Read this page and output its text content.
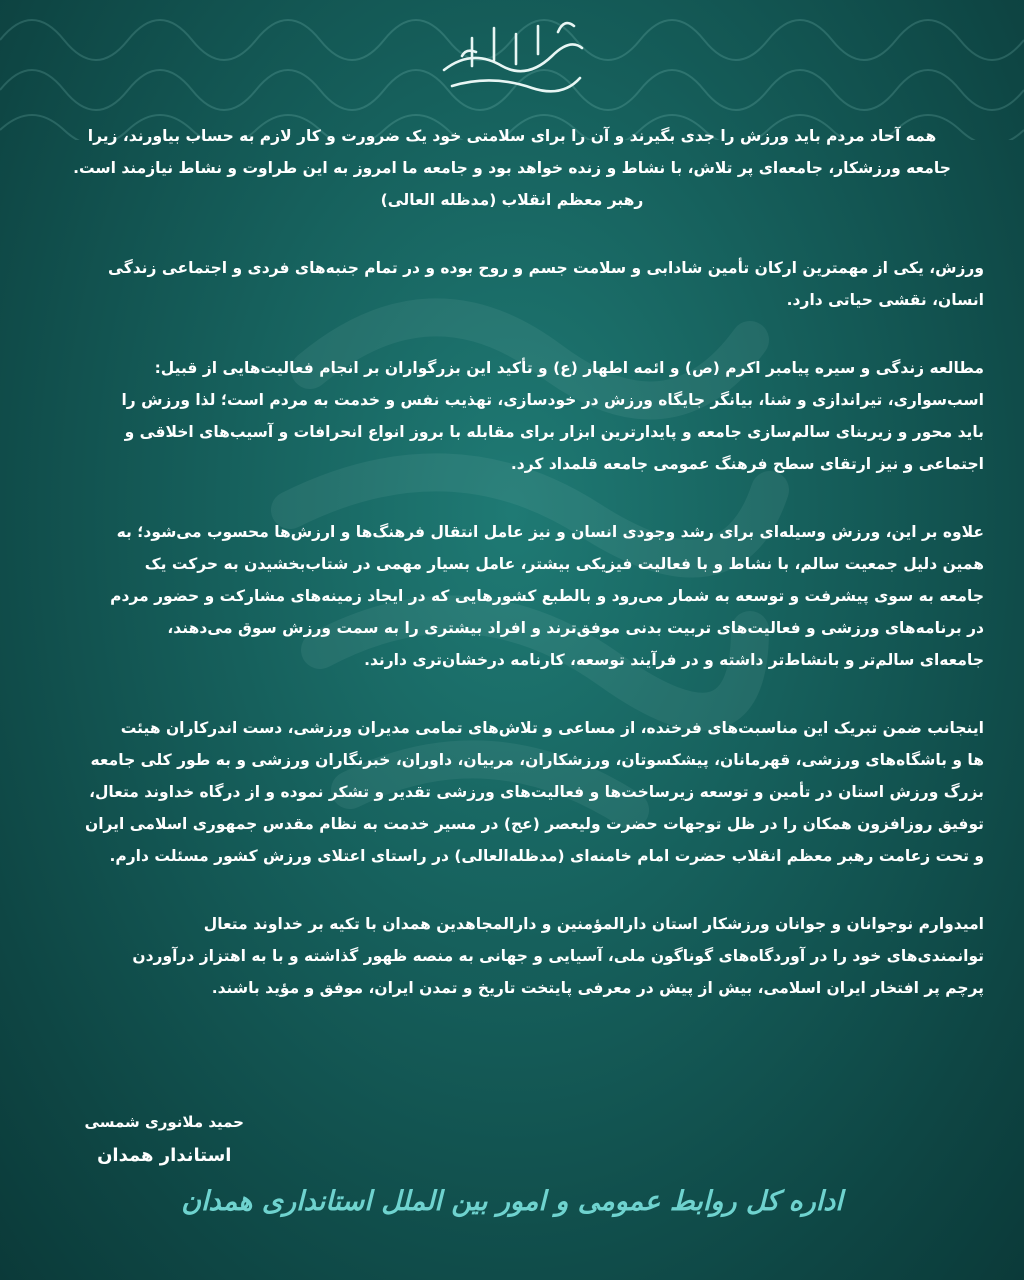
همه آحاد مردم باید ورزش را جدی بگیرند و آن را برای سلامتی خود یک ضرورت و کار لازم به حساب بیاورند، زیرا

جامعه ورزشکار، جامعه‌ای پر تلاش، با نشاط و زنده خواهد بود و جامعه ما امروز به این طراوت و نشاط نیازمند است.

رهبر معظم انقلاب (مدظله العالی)

ورزش، یکی از مهمترین ارکان تأمین شادابی و سلامت جسم و روح بوده و در تمام جنبه‌های فردی و اجتماعی زندگی

انسان، نقشی حیاتی دارد.

مطالعه زندگی و سیره پیامبر اکرم (ص) و ائمه اطهار (ع) و تأکید این بزرگواران بر انجام فعالیت‌هایی از قبیل:

اسب‌سواری، تیراندازی و شنا، بیانگر جایگاه ورزش در خودسازی، تهذیب نفس و خدمت به مردم است؛ لذا ورزش را

باید محور و زیربنای سالم‌سازی جامعه و پایدارترین ابزار برای مقابله با بروز انواع انحرافات و آسیب‌های اخلاقی و

اجتماعی و نیز ارتقای سطح فرهنگ عمومی جامعه قلمداد کرد.

علاوه بر این، ورزش وسیله‌ای برای رشد وجودی انسان و نیز عامل انتقال فرهنگ‌ها و ارزش‌ها محسوب می‌شود؛ به

همین دلیل جمعیت سالم، با نشاط و با فعالیت فیزیکی بیشتر، عامل بسیار مهمی در شتاب‌بخشیدن به حرکت یک

جامعه به سوی پیشرفت و توسعه به شمار می‌رود و بالطبع کشورهایی که در ایجاد زمینه‌های مشارکت و حضور مردم

در برنامه‌های ورزشی و فعالیت‌های تربیت بدنی موفق‌ترند و افراد بیشتری را به سمت ورزش سوق می‌دهند،

جامعه‌ای سالم‌تر و بانشاط‌تر داشته و در فرآیند توسعه، کارنامه درخشان‌تری دارند.

اینجانب ضمن تبریک این مناسبت‌های فرخنده، از مساعی و تلاش‌های تمامی مدیران ورزشی، دست اندرکاران هیئت

ها و باشگاه‌های ورزشی، قهرمانان، پیشکسوتان، ورزشکاران، مربیان، داوران، خبرنگاران ورزشی و به طور کلی جامعه

بزرگ ورزش استان در تأمین و توسعه زیرساخت‌ها و فعالیت‌های ورزشی تقدیر و تشکر نموده و از درگاه خداوند متعال،

توفیق روزافزون همکان را در ظل توجهات حضرت ولیعصر (عج) در مسیر خدمت به نظام مقدس جمهوری اسلامی ایران

و تحت زعامت رهبر معظم انقلاب حضرت امام خامنه‌ای (مدظله‌العالی) در راستای اعتلای ورزش کشور مسئلت دارم.

امیدوارم نوجوانان و جوانان ورزشکار استان دارالمؤمنین و دارالمجاهدین همدان با تکیه بر خداوند متعال

توانمندی‌های خود را در آوردگاه‌های گوناگون ملی، آسیایی و جهانی به منصه ظهور گذاشته و با به اهتزاز درآوردن

پرچم پر افتخار ایران اسلامی، بیش از پیش در معرفی پایتخت تاریخ و تمدن ایران، موفق و مؤید باشند.

حمید ملانوری شمسی
استاندار همدان
اداره کل روابط عمومی و امور بین الملل استانداری همدان
